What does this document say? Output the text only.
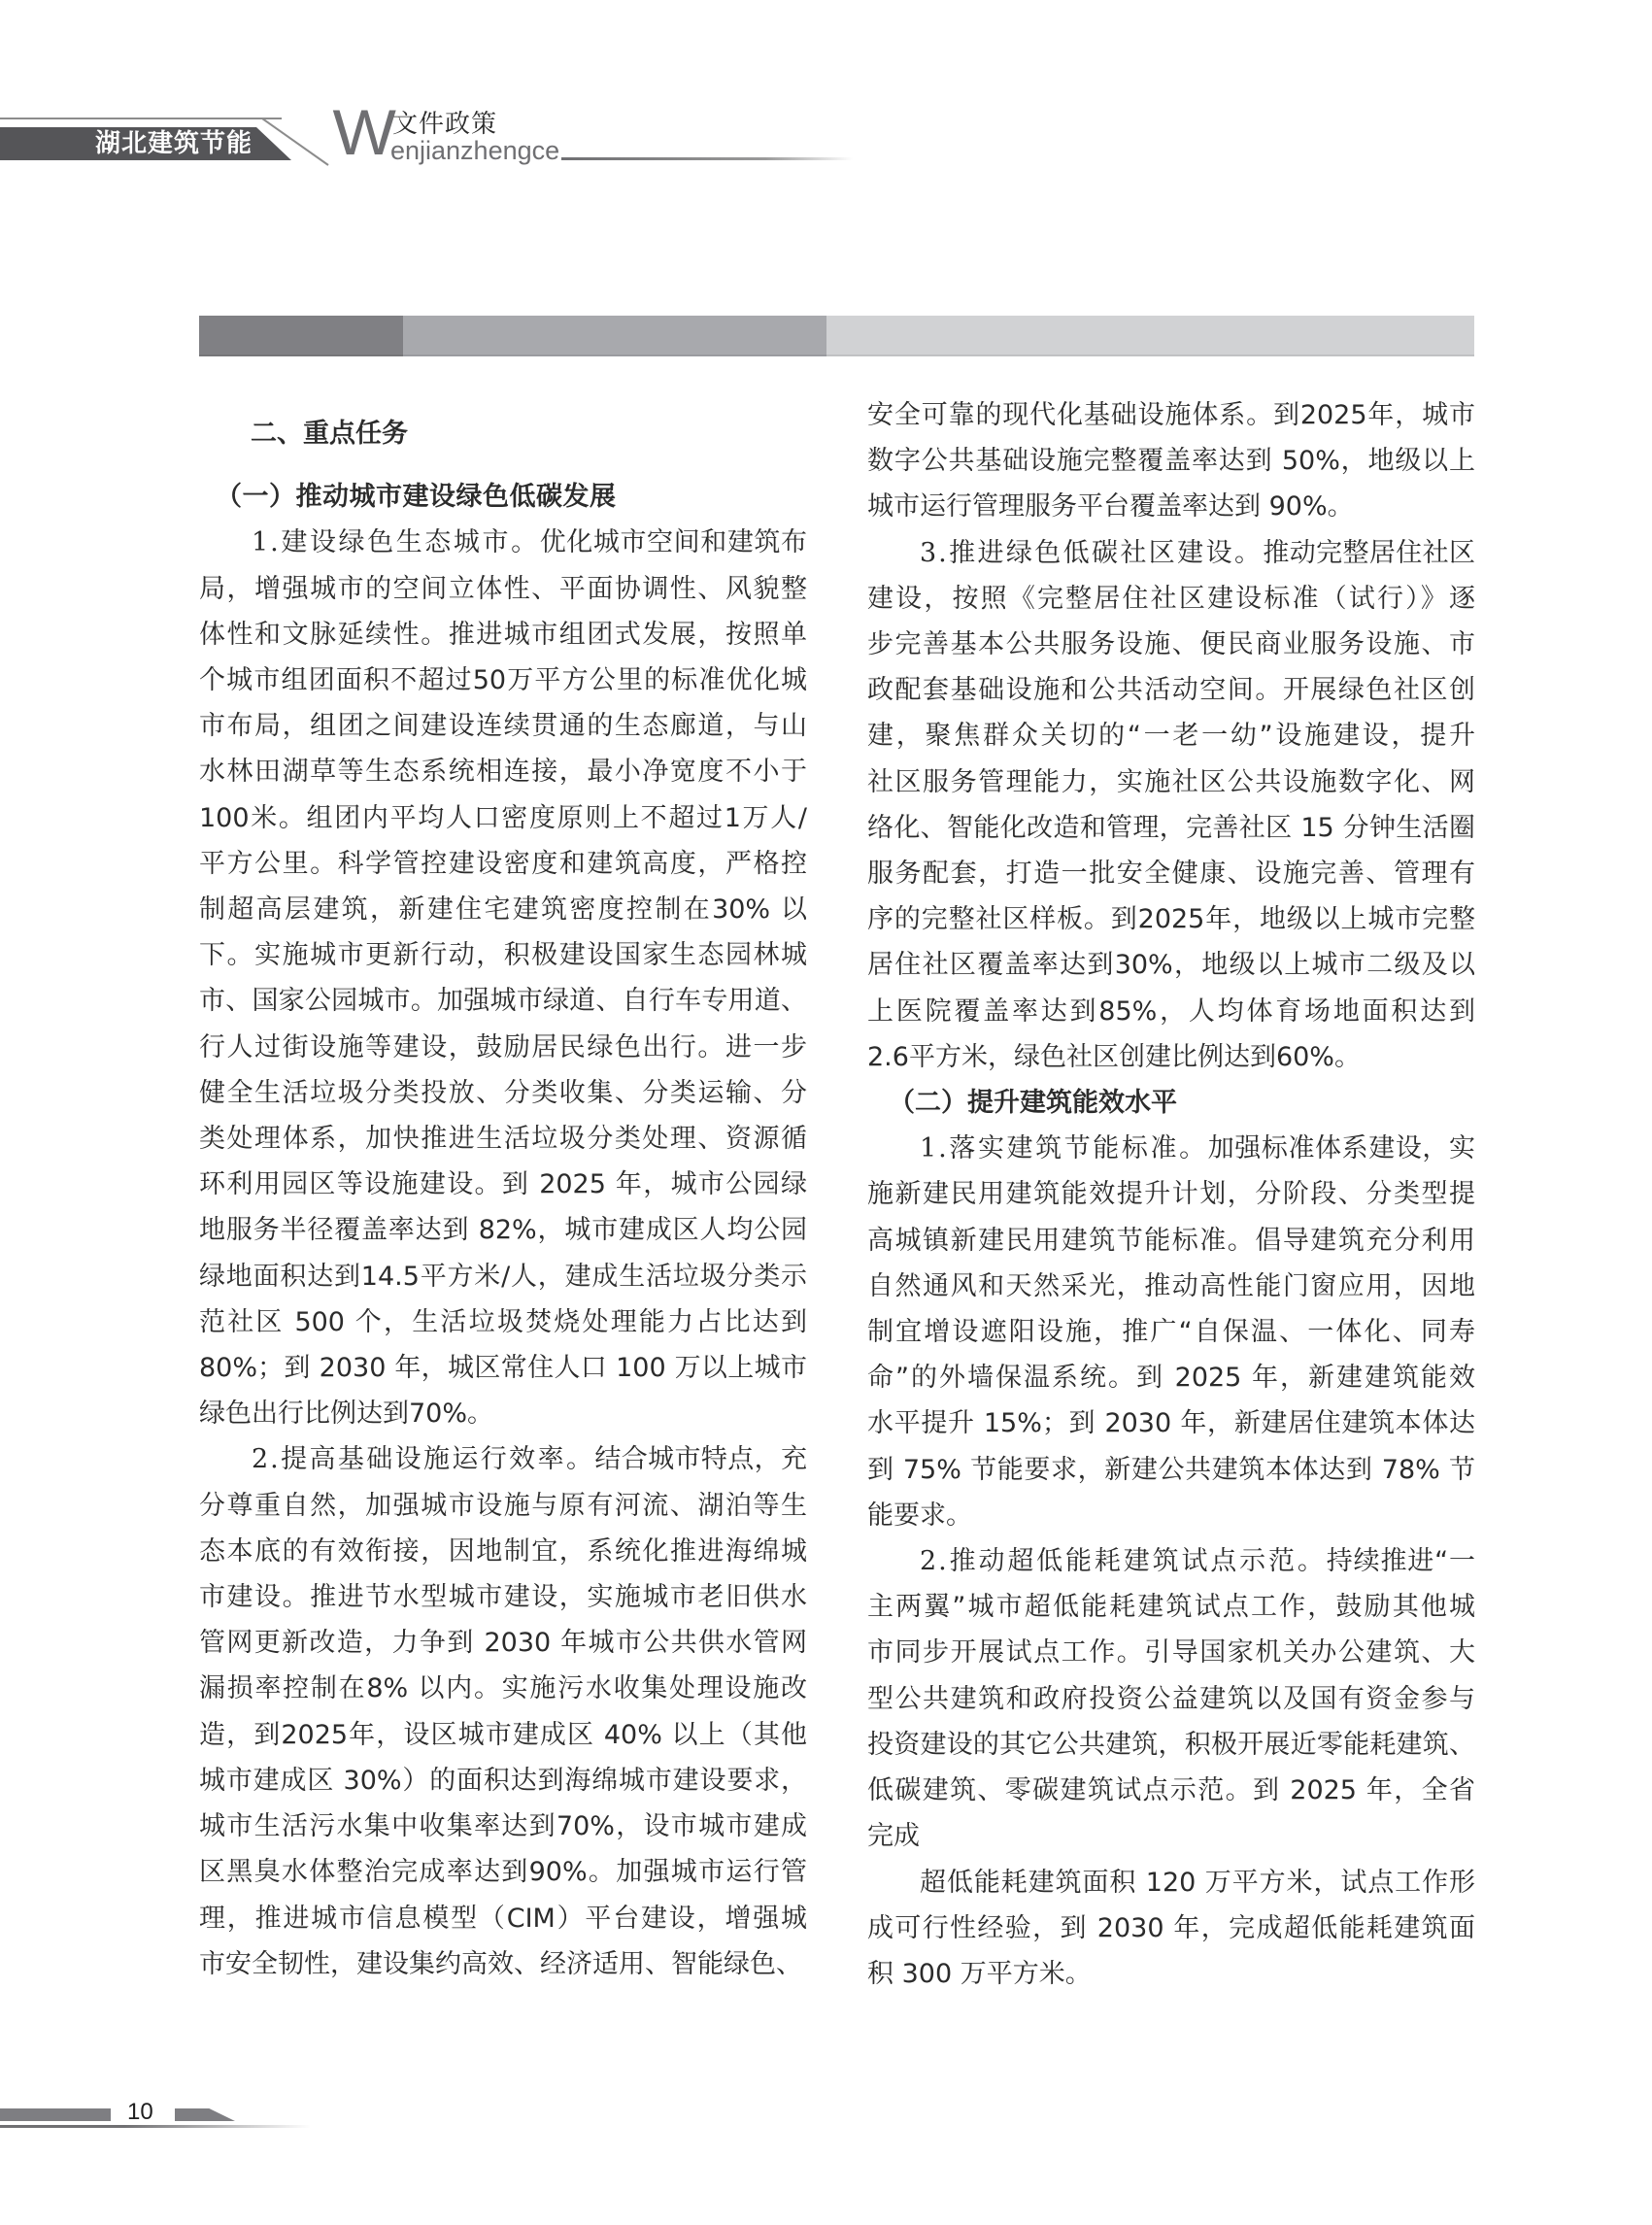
湖北建筑节能 W
文件政策
enjianzhengce

二、重点任务

（一）推动城市建设绿色低碳发展

1.建设绿色生态城市。优化城市空间和建筑布
局，增强城市的空间立体性、平面协调性、风貌整
体性和文脉延续性。推进城市组团式发展，按照单
个城市组团面积不超过50万平方公里的标准优化城
市布局，组团之间建设连续贯通的生态廊道，与山
水林田湖草等生态系统相连接，最小净宽度不小于
100米。组团内平均人口密度原则上不超过1万人/
平方公里。科学管控建设密度和建筑高度，严格控
制超高层建筑，新建住宅建筑密度控制在30% 以
下。实施城市更新行动，积极建设国家生态园林城
市、国家公园城市。加强城市绿道、自行车专用道、
行人过街设施等建设，鼓励居民绿色出行。进一步
健全生活垃圾分类投放、分类收集、分类运输、分
类处理体系，加快推进生活垃圾分类处理、资源循
环利用园区等设施建设。到 2025 年，城市公园绿
地服务半径覆盖率达到 82%，城市建成区人均公园
绿地面积达到14.5平方米/人，建成生活垃圾分类示
范社区 500 个，生活垃圾焚烧处理能力占比达到
80%；到 2030 年，城区常住人口 100 万以上城市
绿色出行比例达到70%。
2.提高基础设施运行效率。结合城市特点，充
分尊重自然，加强城市设施与原有河流、湖泊等生
态本底的有效衔接，因地制宜，系统化推进海绵城
市建设。推进节水型城市建设，实施城市老旧供水
管网更新改造，力争到 2030 年城市公共供水管网
漏损率控制在8% 以内。实施污水收集处理设施改
造，到2025年，设区城市建成区 40% 以上（其他
城市建成区 30%）的面积达到海绵城市建设要求，
城市生活污水集中收集率达到70%，设市城市建成
区黑臭水体整治完成率达到90%。加强城市运行管
理，推进城市信息模型（CIM）平台建设，增强城
市安全韧性，建设集约高效、经济适用、智能绿色、
安全可靠的现代化基础设施体系。到2025年，城市
数字公共基础设施完整覆盖率达到 50%，地级以上
城市运行管理服务平台覆盖率达到 90%。
3.推进绿色低碳社区建设。推动完整居住社区
建设，按照《完整居住社区建设标准（试行）》逐
步完善基本公共服务设施、便民商业服务设施、市
政配套基础设施和公共活动空间。开展绿色社区创
建，聚焦群众关切的“一老一幼”设施建设，提升
社区服务管理能力，实施社区公共设施数字化、网
络化、智能化改造和管理，完善社区 15 分钟生活圈
服务配套，打造一批安全健康、设施完善、管理有
序的完整社区样板。到2025年，地级以上城市完整
居住社区覆盖率达到30%，地级以上城市二级及以
上医院覆盖率达到85%，人均体育场地面积达到
2.6平方米，绿色社区创建比例达到60%。

（二）提升建筑能效水平

1.落实建筑节能标准。加强标准体系建设，实
施新建民用建筑能效提升计划，分阶段、分类型提
高城镇新建民用建筑节能标准。倡导建筑充分利用
自然通风和天然采光，推动高性能门窗应用，因地
制宜增设遮阳设施，推广“自保温、一体化、同寿
命”的外墙保温系统。到 2025 年，新建建筑能效
水平提升 15%；到 2030 年，新建居住建筑本体达
到 75% 节能要求，新建公共建筑本体达到 78% 节
能要求。
2.推动超低能耗建筑试点示范。持续推进“一
主两翼”城市超低能耗建筑试点工作，鼓励其他城
市同步开展试点工作。引导国家机关办公建筑、大
型公共建筑和政府投资公益建筑以及国有资金参与
投资建设的其它公共建筑，积极开展近零能耗建筑、
低碳建筑、零碳建筑试点示范。到 2025 年，全省
完成
超低能耗建筑面积 120 万平方米，试点工作形
成可行性经验，到 2030 年，完成超低能耗建筑面
积 300 万平方米。
10
